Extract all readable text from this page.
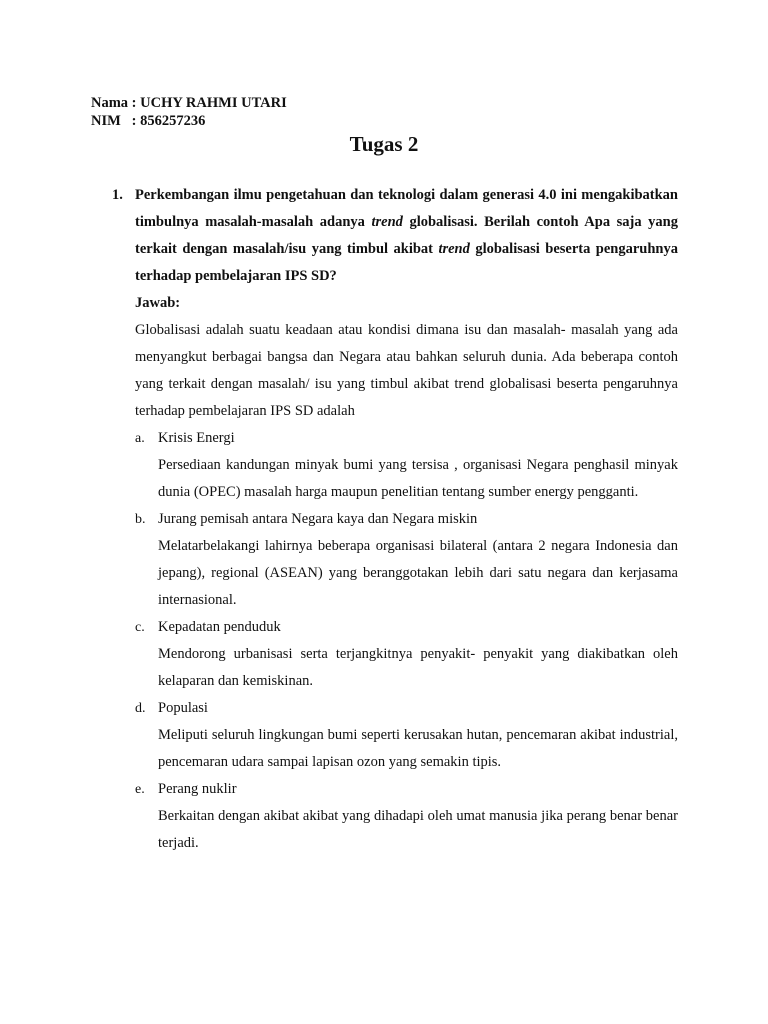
Nama : UCHY RAHMI UTARI
NIM   : 856257236
Tugas 2
1. Perkembangan ilmu pengetahuan dan teknologi dalam generasi 4.0 ini mengakibatkan timbulnya masalah-masalah adanya trend globalisasi. Berilah contoh Apa saja yang terkait dengan masalah/isu yang timbul akibat trend globalisasi beserta pengaruhnya terhadap pembelajaran IPS SD?

Jawab:

Globalisasi adalah suatu keadaan atau kondisi dimana isu dan masalah- masalah yang ada menyangkut berbagai bangsa dan Negara atau bahkan seluruh dunia. Ada beberapa contoh yang terkait dengan masalah/ isu yang timbul akibat trend globalisasi beserta pengaruhnya terhadap pembelajaran IPS SD adalah

a. Krisis Energi

Persediaan kandungan minyak bumi yang tersisa , organisasi Negara penghasil minyak dunia (OPEC) masalah harga maupun penelitian tentang sumber energy pengganti.

b. Jurang pemisah antara Negara kaya dan Negara miskin

Melatarbelakangi lahirnya beberapa organisasi bilateral (antara 2 negara Indonesia dan jepang), regional (ASEAN) yang beranggotakan lebih dari satu negara dan kerjasama internasional.

c. Kepadatan penduduk

Mendorong urbanisasi serta terjangkitnya penyakit- penyakit yang diakibatkan oleh kelaparan dan kemiskinan.

d. Populasi

Meliputi seluruh lingkungan bumi seperti kerusakan hutan, pencemaran akibat industrial, pencemaran udara sampai lapisan ozon yang semakin tipis.

e. Perang nuklir

Berkaitan dengan akibat akibat yang dihadapi oleh umat manusia jika perang benar benar terjadi.
